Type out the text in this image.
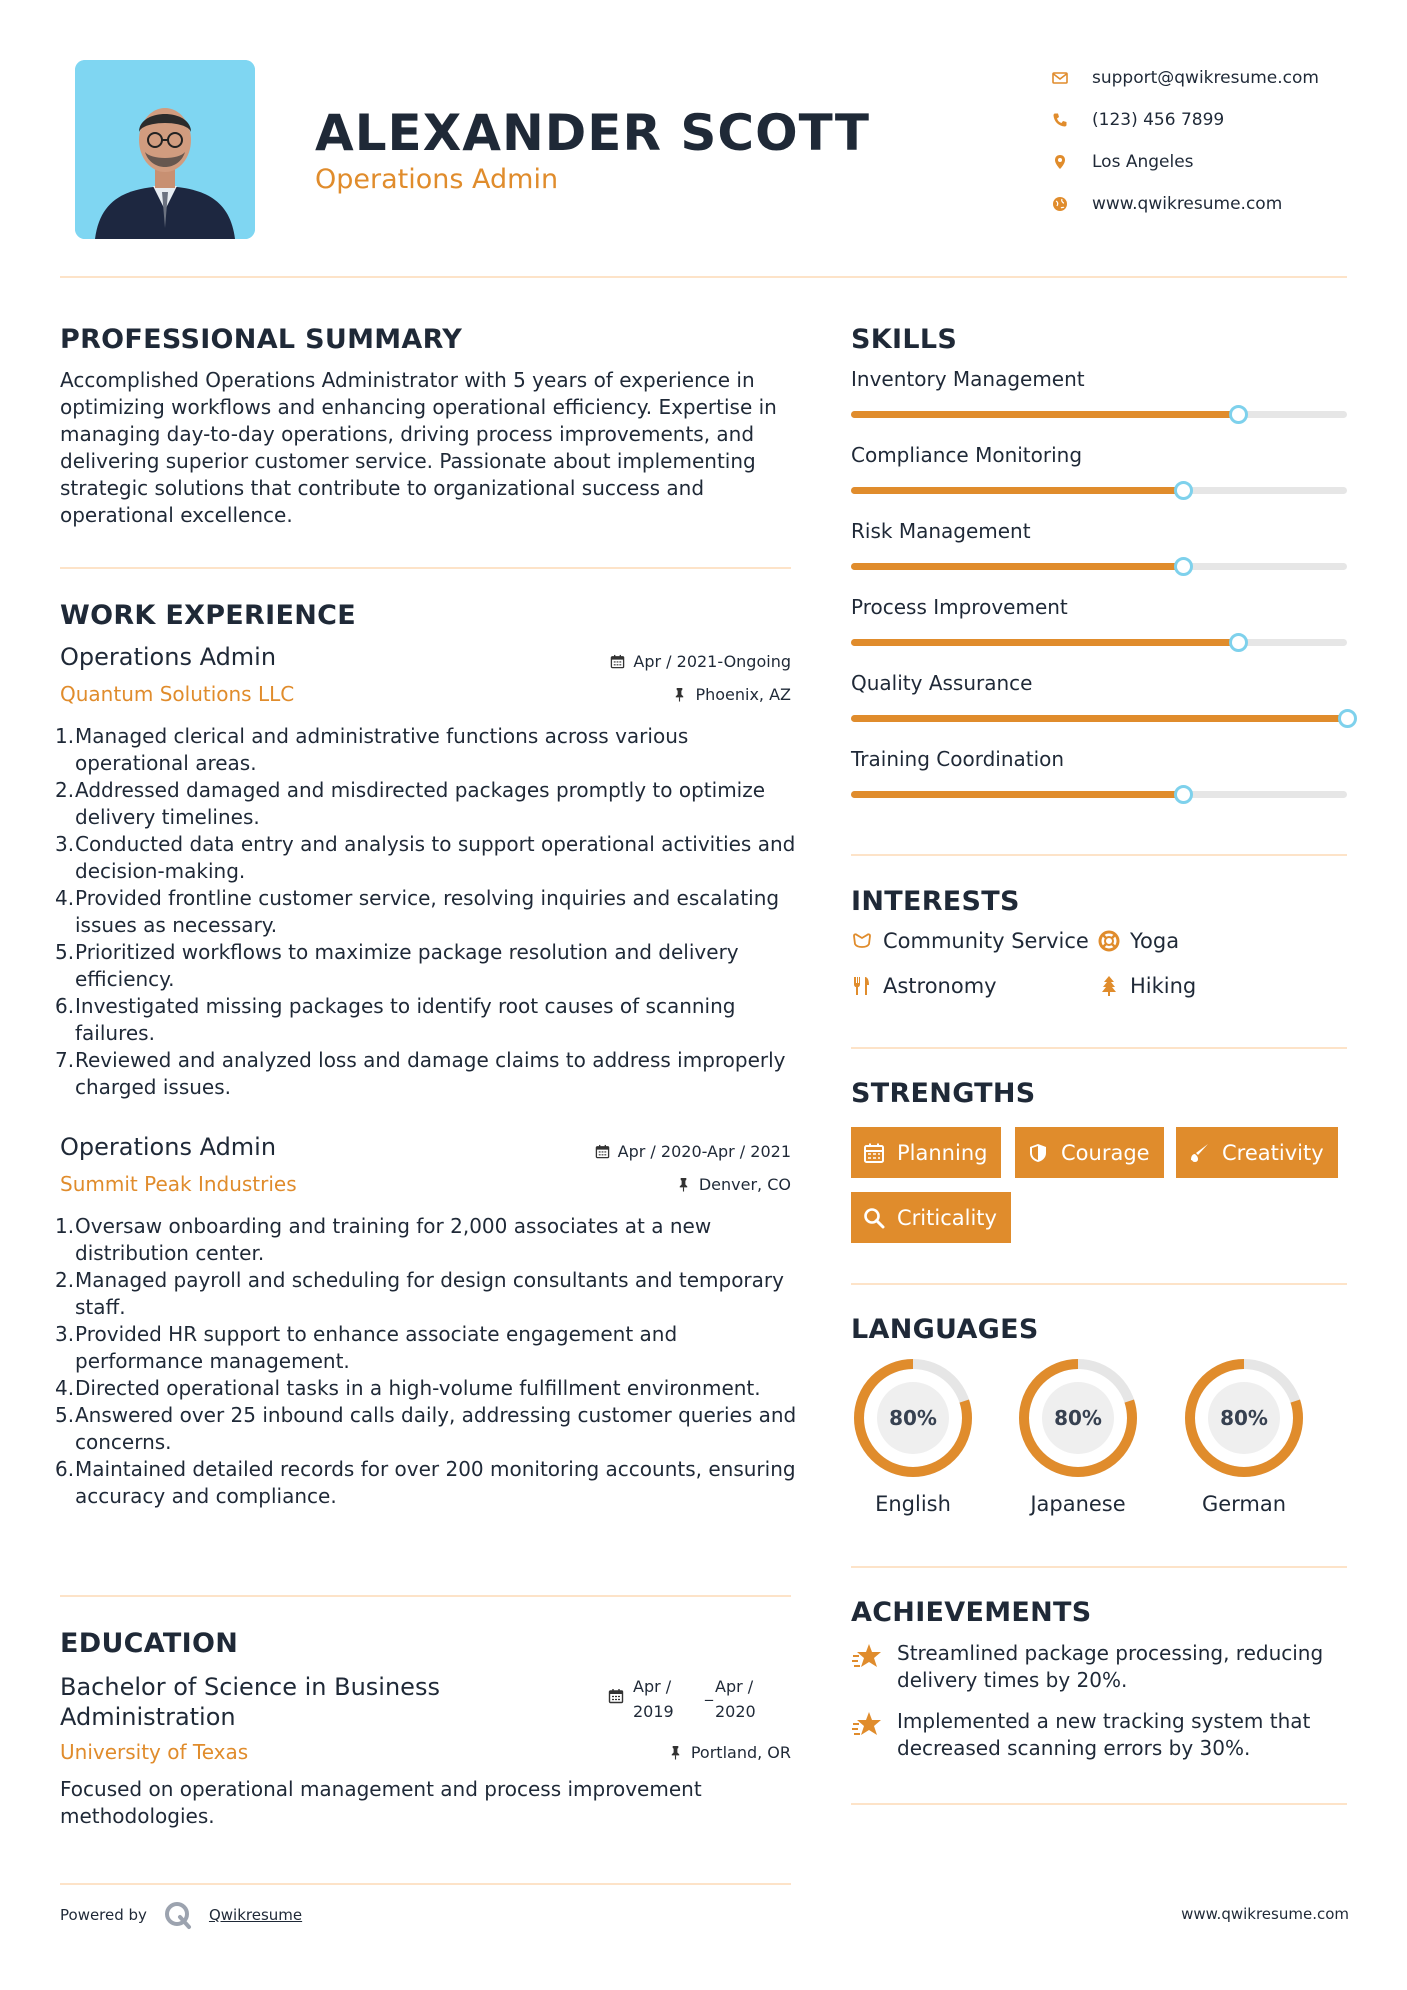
ALEXANDER SCOTT
Operations Admin
support@qwikresume.com
(123) 456 7899
Los Angeles
www.qwikresume.com
PROFESSIONAL SUMMARY
Accomplished Operations Administrator with 5 years of experience in optimizing workflows and enhancing operational efficiency. Expertise in managing day-to-day operations, driving process improvements, and delivering superior customer service. Passionate about implementing strategic solutions that contribute to organizational success and operational excellence.
WORK EXPERIENCE
Operations Admin	Apr / 2021-Ongoing
Quantum Solutions LLC	Phoenix, AZ
1. Managed clerical and administrative functions across various operational areas.
2. Addressed damaged and misdirected packages promptly to optimize delivery timelines.
3. Conducted data entry and analysis to support operational activities and decision-making.
4. Provided frontline customer service, resolving inquiries and escalating issues as necessary.
5. Prioritized workflows to maximize package resolution and delivery efficiency.
6. Investigated missing packages to identify root causes of scanning failures.
7. Reviewed and analyzed loss and damage claims to address improperly charged issues.
Operations Admin	Apr / 2020-Apr / 2021
Summit Peak Industries	Denver, CO
1. Oversaw onboarding and training for 2,000 associates at a new distribution center.
2. Managed payroll and scheduling for design consultants and temporary staff.
3. Provided HR support to enhance associate engagement and performance management.
4. Directed operational tasks in a high-volume fulfillment environment.
5. Answered over 25 inbound calls daily, addressing customer queries and concerns.
6. Maintained detailed records for over 200 monitoring accounts, ensuring accuracy and compliance.
EDUCATION
Bachelor of Science in Business
Administration
Apr /
2019
_ Apr /
2020
University of Texas	Portland, OR
Focused on operational management and process improvement methodologies.
SKILLS
Inventory Management
Compliance Monitoring
Risk Management
Process Improvement
Quality Assurance
Training Coordination
INTERESTS
Community Service Yoga
Astronomy	Hiking
STRENGTHS
Planning	Courage	Creativity
Criticality
LANGUAGES
80%
English
80%
Japanese
80%
German
ACHIEVEMENTS
Streamlined package processing, reducing delivery times by 20%.
Implemented a new tracking system that decreased scanning errors by 30%.
Powered by	Qwikresume	www.qwikresume.com
